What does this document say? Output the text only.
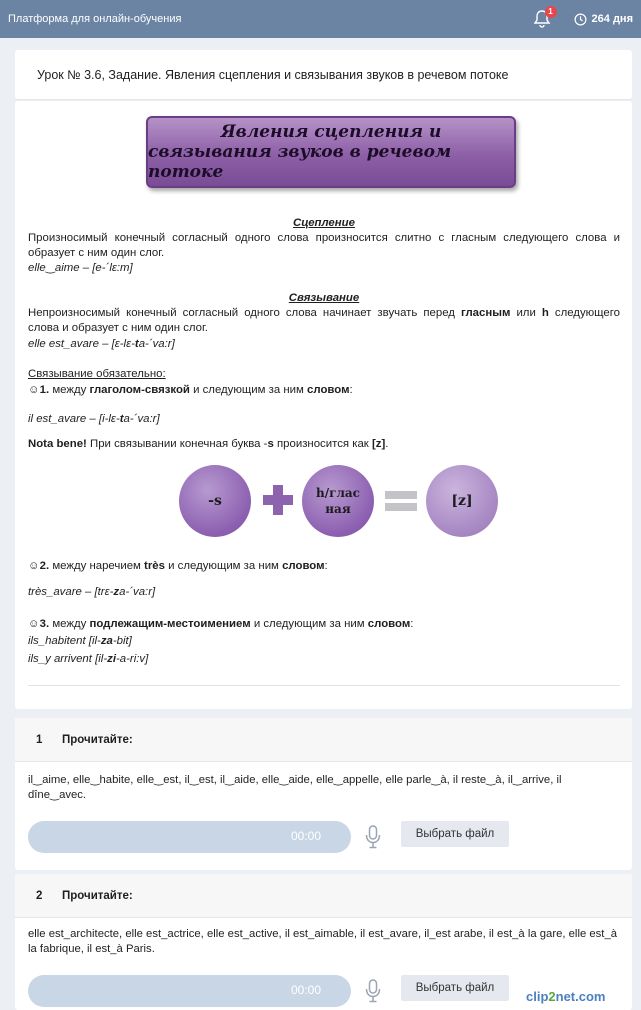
Платформа для онлайн-обучения
1
264 дня
Урок № 3.6, Задание. Явления сцепления и связывания звуков в речевом потоке
Явления сцепления и
связывания звуков в речевом потоке
Сцепление
Произносимый конечный согласный одного слова произносится слитно с гласным следующего слова и образует с ним один слог.
elle‿aime – [e-´lɛ:m]
Связывание
Непроизносимый конечный согласный одного слова начинает звучать перед гласным или h следующего слова и образует с ним один слог.
elle est_avare – [ɛ-lɛ-ta-´va:r]
Связывание обязательно:
☺1. между глаголом-связкой и следующим за ним словом:
il est_avare – [i-lɛ-ta-´va:r]
Nota bene! При связывании конечная буква -s произносится как [z].
-s	h/глас
ная	[z]
☺2. между наречием très и следующим за ним словом:
très_avare – [trɛ-za-´va:r]
☺3. между подлежащим-местоимением и следующим за ним словом:
ils_habitent [il-za-bit]
ils_y arrivent [il-zi-a-ri:v]
1	Прочитайте:
il‿aime, elle‿habite, elle‿est, il‿est, il‿aide, elle‿aide, elle‿appelle, elle parle‿à, il reste‿à, il‿arrive, il dîne‿avec.
00:00	Выбрать файл
2	Прочитайте:
elle est_architecte, elle est_actrice, elle est_active, il est_aimable, il est_avare, il_est arabe, il est_à la gare, elle est_à la fabrique, il est_à Paris.
00:00	Выбрать файл
clip2net.com
